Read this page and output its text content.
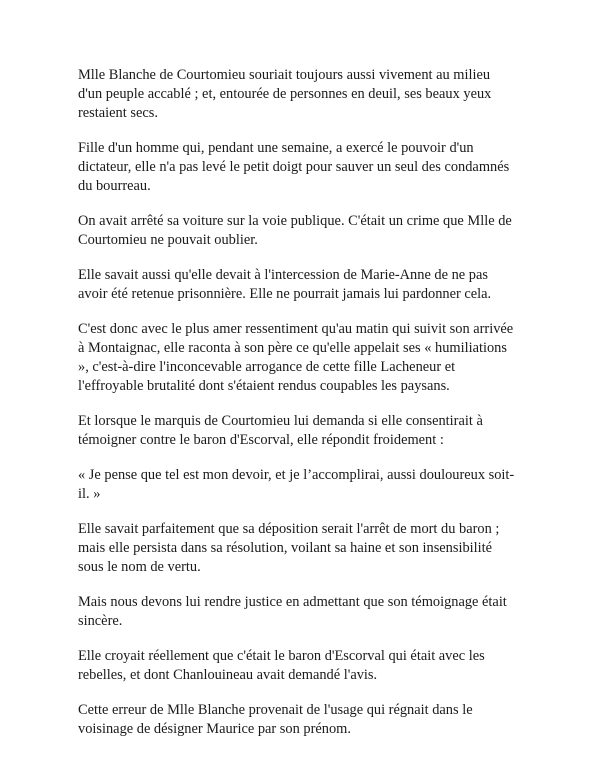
Mlle Blanche de Courtomieu souriait toujours aussi vivement au milieu
d'un peuple accablé ; et, entourée de personnes en deuil, ses beaux yeux
restaient secs.

Fille d'un homme qui, pendant une semaine, a exercé le pouvoir d'un
dictateur, elle n'a pas levé le petit doigt pour sauver un seul des condamnés
du bourreau.

On avait arrêté sa voiture sur la voie publique. C'était un crime que Mlle de
Courtomieu ne pouvait oublier.

Elle savait aussi qu'elle devait à l'intercession de Marie-Anne de ne pas
avoir été retenue prisonnière. Elle ne pourrait jamais lui pardonner cela.

C'est donc avec le plus amer ressentiment qu'au matin qui suivit son arrivée
à Montaignac, elle raconta à son père ce qu'elle appelait ses « humiliations
», c'est-à-dire l'inconcevable arrogance de cette fille Lacheneur et
l'effroyable brutalité dont s'étaient rendus coupables les paysans.

Et lorsque le marquis de Courtomieu lui demanda si elle consentirait à
témoigner contre le baron d'Escorval, elle répondit froidement :

« Je pense que tel est mon devoir, et je l’accomplirai, aussi douloureux soit-
il. »

Elle savait parfaitement que sa déposition serait l'arrêt de mort du baron ;
mais elle persista dans sa résolution, voilant sa haine et son insensibilité
sous le nom de vertu.

Mais nous devons lui rendre justice en admettant que son témoignage était
sincère.

Elle croyait réellement que c'était le baron d'Escorval qui était avec les
rebelles, et dont Chanlouineau avait demandé l'avis.

Cette erreur de Mlle Blanche provenait de l'usage qui régnait dans le
voisinage de désigner Maurice par son prénom.
